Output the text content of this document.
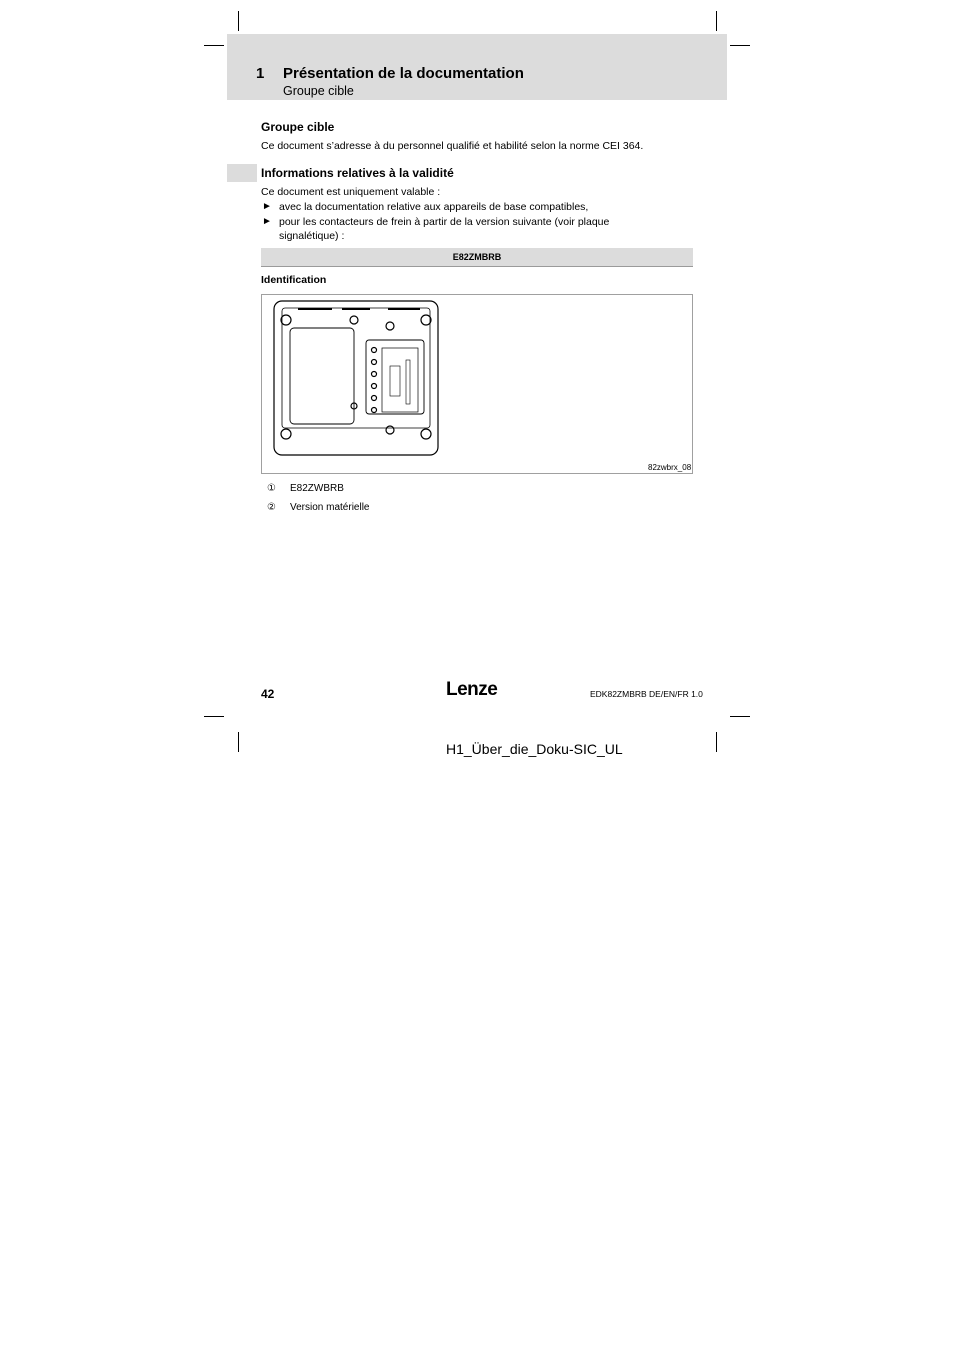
1 Présentation de la documentation
Groupe cible
Groupe cible
Ce document s’adresse à du personnel qualifié et habilité selon la norme CEI 364.
Informations relatives à la validité
Ce document est uniquement valable :
► avec la documentation relative aux appareils de base compatibles,
► pour les contacteurs de frein à partir de la version suivante (voir plaque signalétique) :
E82ZMBRB
Identification
82zwbrx_08
① E82ZWBRB
② Version matérielle
42	Lenze	EDK82ZMBRB DE/EN/FR 1.0
H1_Über_die_Doku-SIC_UL
